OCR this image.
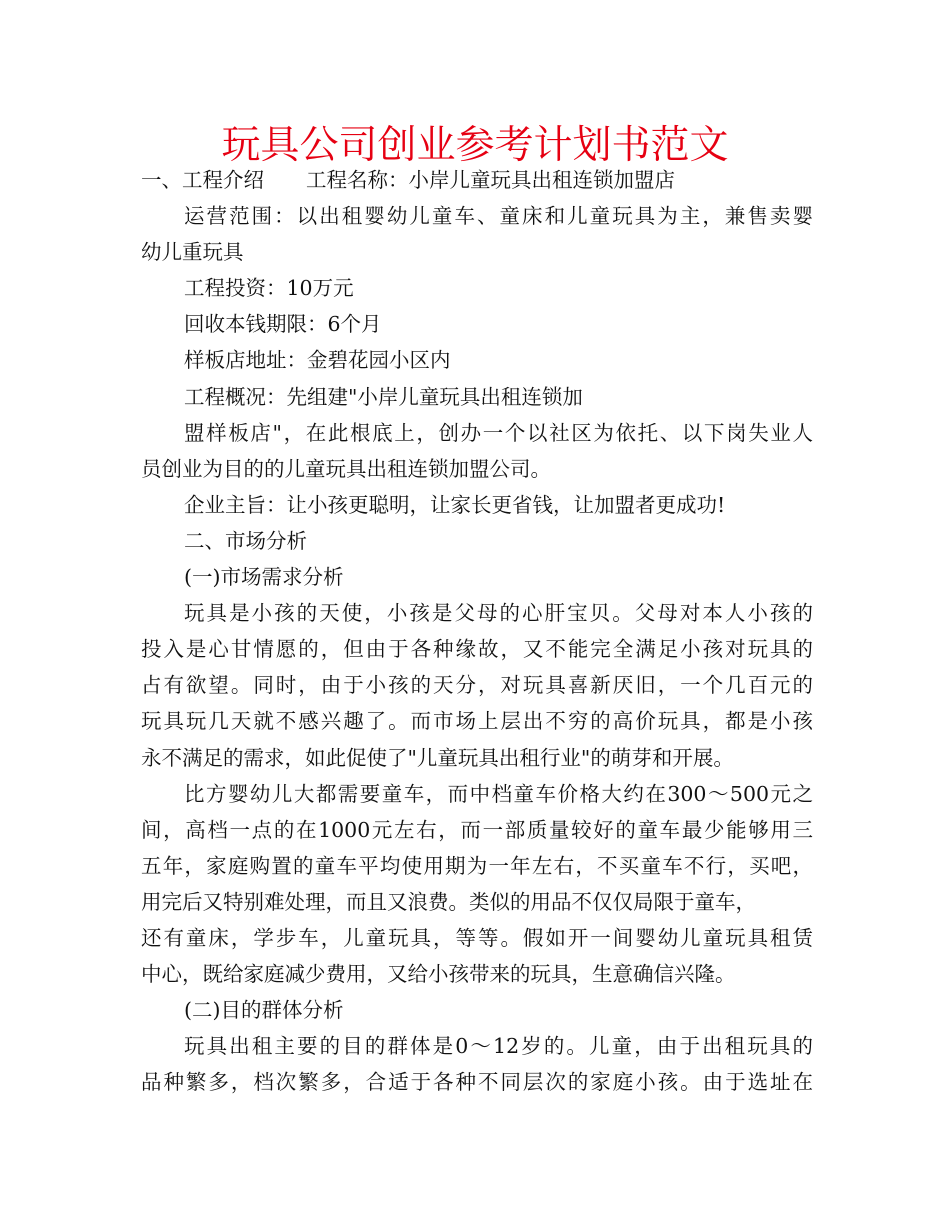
玩具公司创业参考计划书范文
一、工程介绍 工程名称：小岸儿童玩具出租连锁加盟店
运营范围：以出租婴幼儿童车、童床和儿童玩具为主，兼售卖婴
幼儿重玩具
工程投资：10万元
回收本钱期限：6个月
样板店地址：金碧花园小区内
工程概况：先组建"小岸儿童玩具出租连锁加
盟样板店"，在此根底上，创办一个以社区为依托、以下岗失业人
员创业为目的的儿童玩具出租连锁加盟公司。
企业主旨：让小孩更聪明，让家长更省钱，让加盟者更成功!
二、市场分析
(一)市场需求分析
玩具是小孩的天使，小孩是父母的心肝宝贝。父母对本人小孩的
投入是心甘情愿的，但由于各种缘故，又不能完全满足小孩对玩具的
占有欲望。同时，由于小孩的天分，对玩具喜新厌旧，一个几百元的
玩具玩几天就不感兴趣了。而市场上层出不穷的高价玩具，都是小孩
永不满足的需求，如此促使了"儿童玩具出租行业"的萌芽和开展。
比方婴幼儿大都需要童车，而中档童车价格大约在300～500元之
间，高档一点的在1000元左右，而一部质量较好的童车最少能够用三
五年，家庭购置的童车平均使用期为一年左右，不买童车不行，买吧，
用完后又特别难处理，而且又浪费。类似的用品不仅仅局限于童车，
还有童床，学步车，儿童玩具，等等。假如开一间婴幼儿童玩具租赁
中心，既给家庭减少费用，又给小孩带来的玩具，生意确信兴隆。
(二)目的群体分析
玩具出租主要的目的群体是0～12岁的。儿童，由于出租玩具的
品种繁多，档次繁多，合适于各种不同层次的家庭小孩。由于选址在
